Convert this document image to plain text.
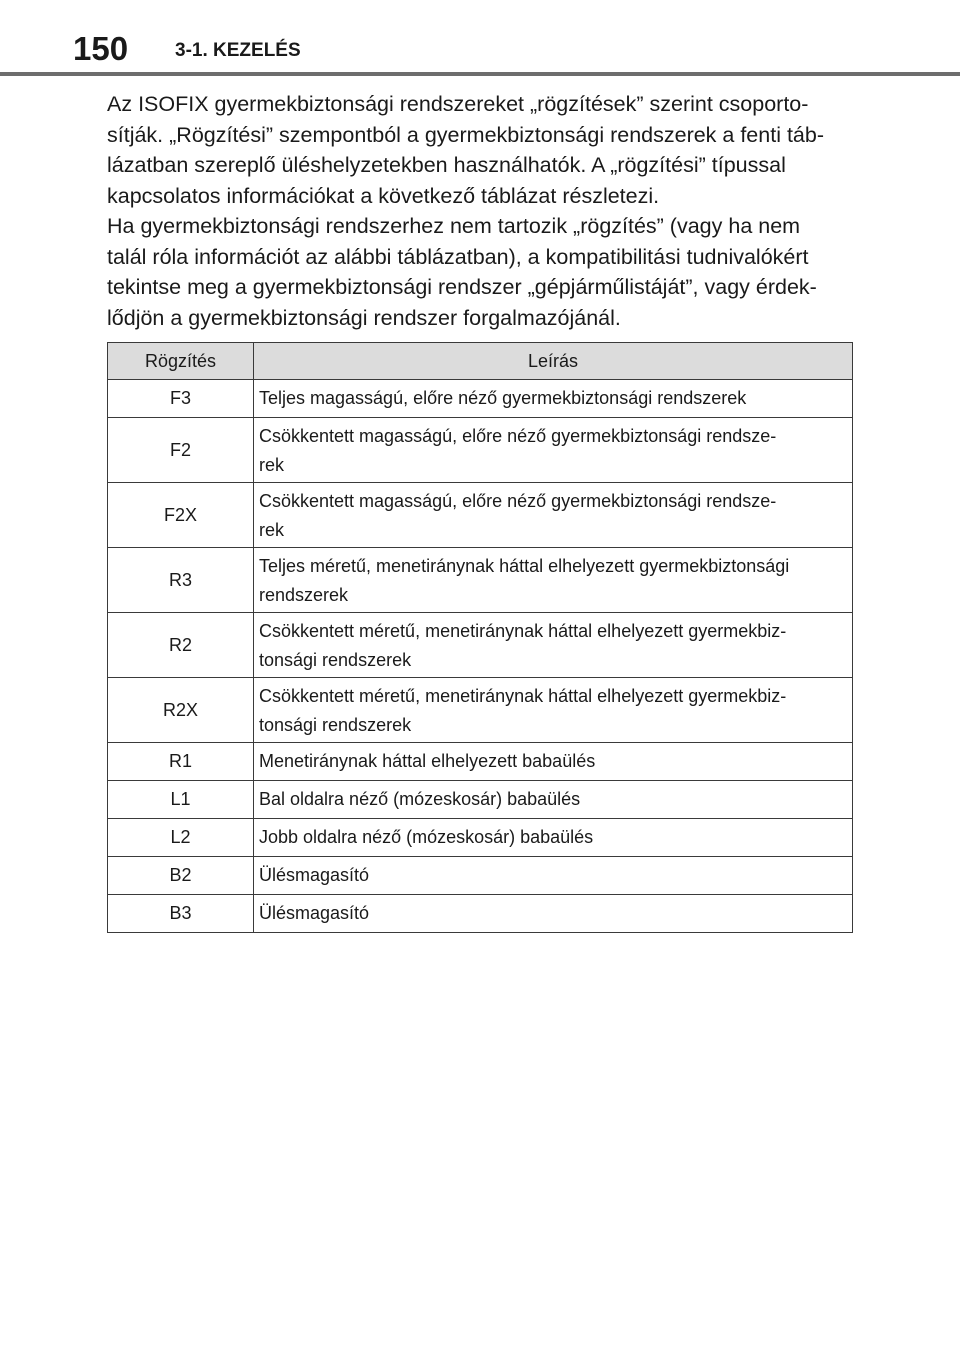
150 3-1. KEZELÉS

Az ISOFIX gyermekbiztonsági rendszereket „rögzítések” szerint csoporto-
sítják. „Rögzítési” szempontból a gyermekbiztonsági rendszerek a fenti táb-
lázatban szereplő üléshelyzetekben használhatók. A „rögzítési” típussal
kapcsolatos információkat a következő táblázat részletezi.

Ha gyermekbiztonsági rendszerhez nem tartozik „rögzítés” (vagy ha nem
talál róla információt az alábbi táblázatban), a kompatibilitási tudnivalókért
tekintse meg a gyermekbiztonsági rendszer „gépjárműlistáját”, vagy érdek-
lődjön a gyermekbiztonsági rendszer forgalmazójánál.

Rögzítés	Leírás
F3	Teljes magasságú, előre néző gyermekbiztonsági rendszerek
F2	Csökkentett magasságú, előre néző gyermekbiztonsági rendsze-
rek
F2X	Csökkentett magasságú, előre néző gyermekbiztonsági rendsze-
rek
R3	Teljes méretű, menetiránynak háttal elhelyezett gyermekbiztonsági
rendszerek
R2	Csökkentett méretű, menetiránynak háttal elhelyezett gyermekbiz-
tonsági rendszerek
R2X	Csökkentett méretű, menetiránynak háttal elhelyezett gyermekbiz-
tonsági rendszerek
R1	Menetiránynak háttal elhelyezett babaülés
L1	Bal oldalra néző (mózeskosár) babaülés
L2	Jobb oldalra néző (mózeskosár) babaülés
B2	Ülésmagasító
B3	Ülésmagasító
